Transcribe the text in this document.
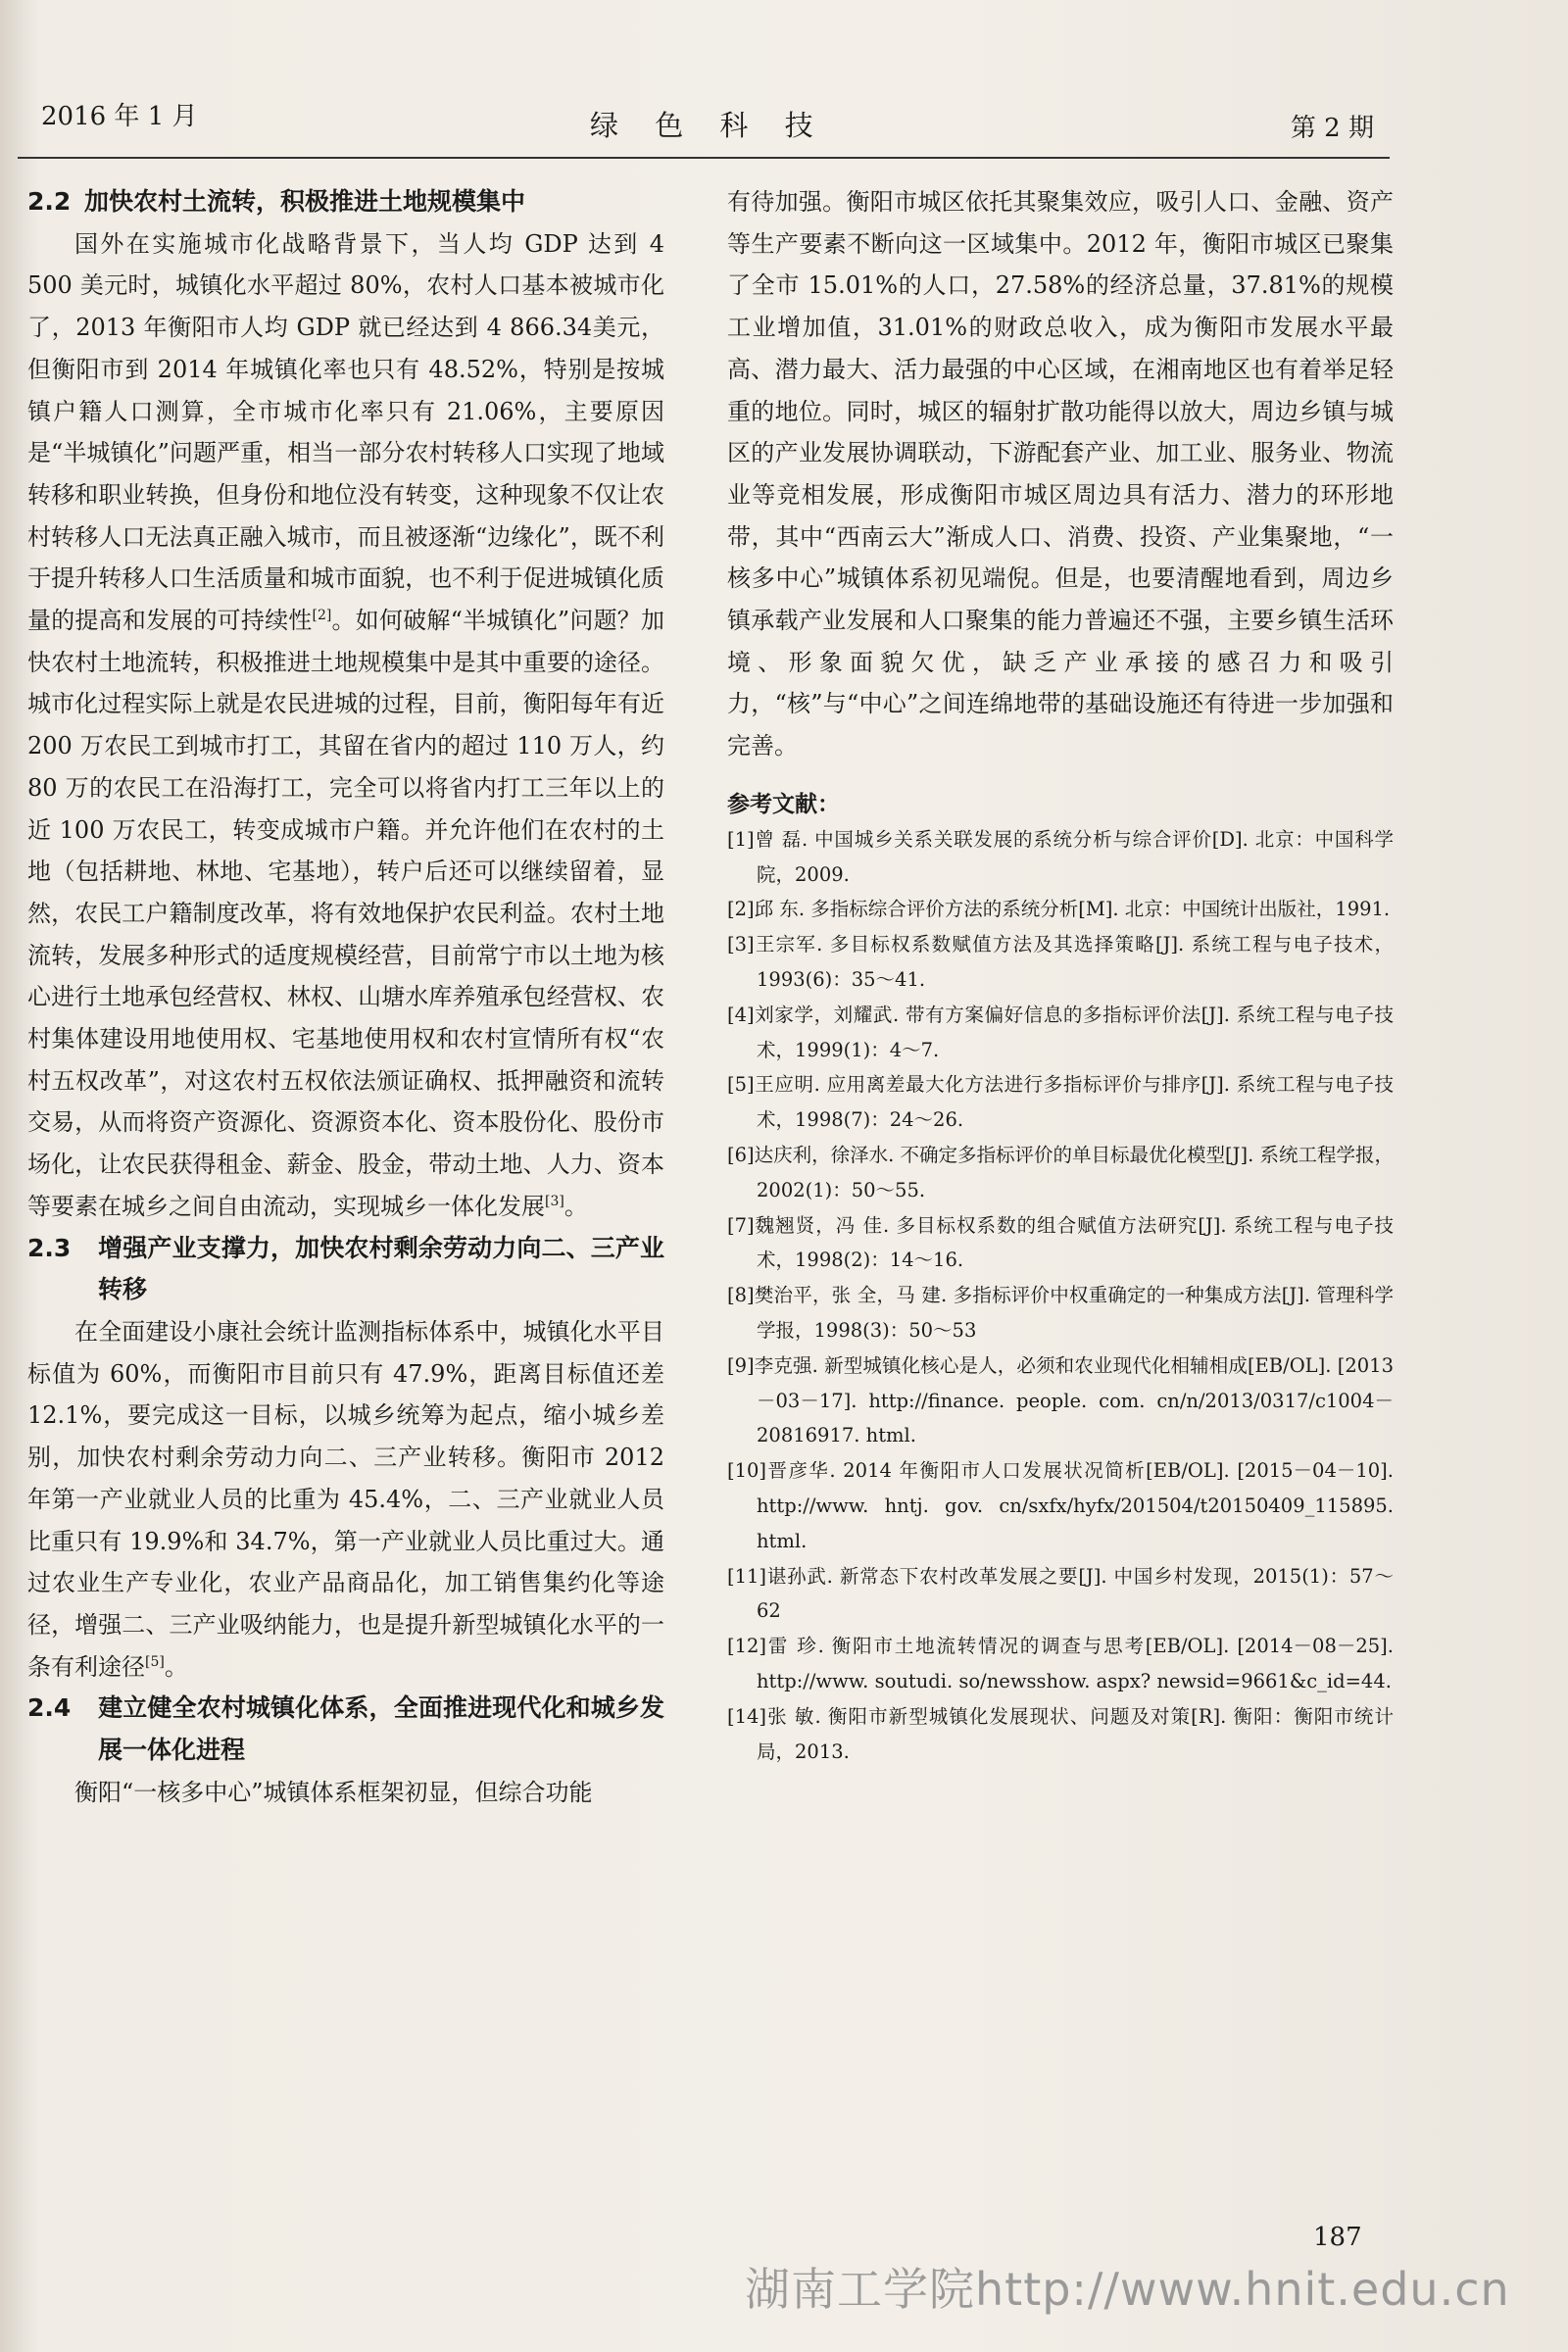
2016 年 1 月	绿 色 科 技	第 2 期
2.2 加快农村土流转，积极推进土地规模集中

国外在实施城市化战略背景下，当人均 GDP 达到 4 500 美元时，城镇化水平超过 80%，农村人口基本被城市化了，2013 年衡阳市人均 GDP 就已经达到 4 866.34美元，但衡阳市到 2014 年城镇化率也只有 48.52%，特别是按城镇户籍人口测算，全市城市化率只有 21.06%，主要原因是“半城镇化”问题严重，相当一部分农村转移人口实现了地域转移和职业转换，但身份和地位没有转变，这种现象不仅让农村转移人口无法真正融入城市，而且被逐渐“边缘化”，既不利于提升转移人口生活质量和城市面貌，也不利于促进城镇化质量的提高和发展的可持续性[2]。如何破解“半城镇化”问题？加快农村土地流转，积极推进土地规模集中是其中重要的途径。城市化过程实际上就是农民进城的过程，目前，衡阳每年有近 200 万农民工到城市打工，其留在省内的超过 110 万人，约 80 万的农民工在沿海打工，完全可以将省内打工三年以上的近 100 万农民工，转变成城市户籍。并允许他们在农村的土地（包括耕地、林地、宅基地），转户后还可以继续留着，显然，农民工户籍制度改革，将有效地保护农民利益。农村土地流转，发展多种形式的适度规模经营，目前常宁市以土地为核心进行土地承包经营权、林权、山塘水库养殖承包经营权、农村集体建设用地使用权、宅基地使用权和农村宣情所有权“农村五权改革”，对这农村五权依法颁证确权、抵押融资和流转交易，从而将资产资源化、资源资本化、资本股份化、股份市场化，让农民获得租金、薪金、股金，带动土地、人力、资本等要素在城乡之间自由流动，实现城乡一体化发展[3]。

2.3 增强产业支撑力，加快农村剩余劳动力向二、三产业转移

在全面建设小康社会统计监测指标体系中，城镇化水平目标值为 60%，而衡阳市目前只有 47.9%，距离目标值还差12.1%，要完成这一目标，以城乡统筹为起点，缩小城乡差别，加快农村剩余劳动力向二、三产业转移。衡阳市 2012 年第一产业就业人员的比重为 45.4%，二、三产业就业人员比重只有 19.9%和 34.7%，第一产业就业人员比重过大。通过农业生产专业化，农业产品商品化，加工销售集约化等途径，增强二、三产业吸纳能力，也是提升新型城镇化水平的一条有利途径[5]。

2.4 建立健全农村城镇化体系，全面推进现代化和城乡发展一体化进程

衡阳“一核多中心”城镇体系框架初显，但综合功能

有待加强。衡阳市城区依托其聚集效应，吸引人口、金融、资产等生产要素不断向这一区域集中。2012 年，衡阳市城区已聚集了全市 15.01%的人口，27.58%的经济总量，37.81%的规模工业增加值，31.01%的财政总收入，成为衡阳市发展水平最高、潜力最大、活力最强的中心区域，在湘南地区也有着举足轻重的地位。同时，城区的辐射扩散功能得以放大，周边乡镇与城区的产业发展协调联动，下游配套产业、加工业、服务业、物流业等竞相发展，形成衡阳市城区周边具有活力、潜力的环形地带，其中“西南云大”渐成人口、消费、投资、产业集聚地，“一核多中心”城镇体系初见端倪。但是，也要清醒地看到，周边乡镇承载产业发展和人口聚集的能力普遍还不强，主要乡镇生活环境、形象面貌欠优，缺乏产业承接的感召力和吸引力，“核”与“中心”之间连绵地带的基础设施还有待进一步加强和完善。

参考文献：
[1]曾 磊. 中国城乡关系关联发展的系统分析与综合评价[D]. 北京：中国科学院，2009.
[2]邱 东. 多指标综合评价方法的系统分析[M]. 北京：中国统计出版社，1991.
[3]王宗军. 多目标权系数赋值方法及其选择策略[J]. 系统工程与电子技术，1993(6)：35～41.
[4]刘家学，刘耀武. 带有方案偏好信息的多指标评价法[J]. 系统工程与电子技术，1999(1)：4～7.
[5]王应明. 应用离差最大化方法进行多指标评价与排序[J]. 系统工程与电子技术，1998(7)：24～26.
[6]达庆利，徐泽水. 不确定多指标评价的单目标最优化模型[J]. 系统工程学报，2002(1)：50～55.
[7]魏翘贤，冯 佳. 多目标权系数的组合赋值方法研究[J]. 系统工程与电子技术，1998(2)：14～16.
[8]樊治平，张 全，马 建. 多指标评价中权重确定的一种集成方法[J]. 管理科学学报，1998(3)：50～53
[9]李克强. 新型城镇化核心是人，必须和农业现代化相辅相成[EB/OL]. [2013－03－17]. http://finance. people. com. cn/n/2013/0317/c1004－20816917. html.
[10]晋彦华. 2014 年衡阳市人口发展状况简析[EB/OL]. [2015－04－10]. http://www. hntj. gov. cn/sxfx/hyfx/201504/t20150409_115895. html.
[11]谌孙武. 新常态下农村改革发展之要[J]. 中国乡村发现，2015(1)：57～62
[12]雷 珍. 衡阳市土地流转情况的调查与思考[EB/OL]. [2014－08－25]. http://www. soutudi. so/newsshow. aspx? newsid=9661&c_id=44.
[14]张 敏. 衡阳市新型城镇化发展现状、问题及对策[R]. 衡阳：衡阳市统计局，2013.
187
湖南工学院http://www.hnit.edu.cn
